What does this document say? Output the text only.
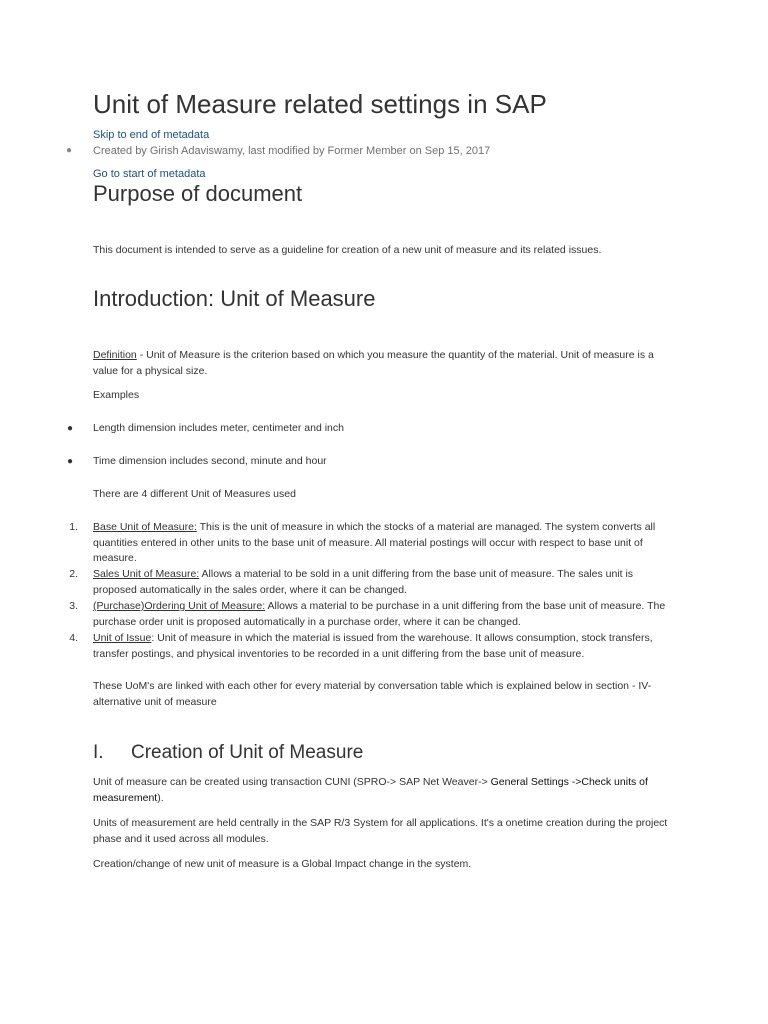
Unit of Measure related settings in SAP
Skip to end of metadata
● Created by Girish Adaviswamy, last modified by Former Member on Sep 15, 2017
Go to start of metadata
Purpose of document

This document is intended to serve as a guideline for creation of a new unit of measure and its related issues.

Introduction: Unit of Measure

Definition - Unit of Measure is the criterion based on which you measure the quantity of the material. Unit of measure is a value for a physical size.

Examples

● Length dimension includes meter, centimeter and inch

● Time dimension includes second, minute and hour

There are 4 different Unit of Measures used

1. Base Unit of Measure: This is the unit of measure in which the stocks of a material are managed. The system converts all quantities entered in other units to the base unit of measure. All material postings will occur with respect to base unit of measure.

2. Sales Unit of Measure: Allows a material to be sold in a unit differing from the base unit of measure. The sales unit is proposed automatically in the sales order, where it can be changed.

3. (Purchase)Ordering Unit of Measure: Allows a material to be purchase in a unit differing from the base unit of measure. The purchase order unit is proposed automatically in a purchase order, where it can be changed.

4. Unit of Issue: Unit of measure in which the material is issued from the warehouse. It allows consumption, stock transfers, transfer postings, and physical inventories to be recorded in a unit differing from the base unit of measure.

These UoM's are linked with each other for every material by conversation table which is explained below in section - IV-alternative unit of measure

I. Creation of Unit of Measure

Unit of measure can be created using transaction CUNI (SPRO-> SAP Net Weaver-> General Settings ->Check units of measurement).

Units of measurement are held centrally in the SAP R/3 System for all applications. It's a onetime creation during the project phase and it used across all modules.

Creation/change of new unit of measure is a Global Impact change in the system.
